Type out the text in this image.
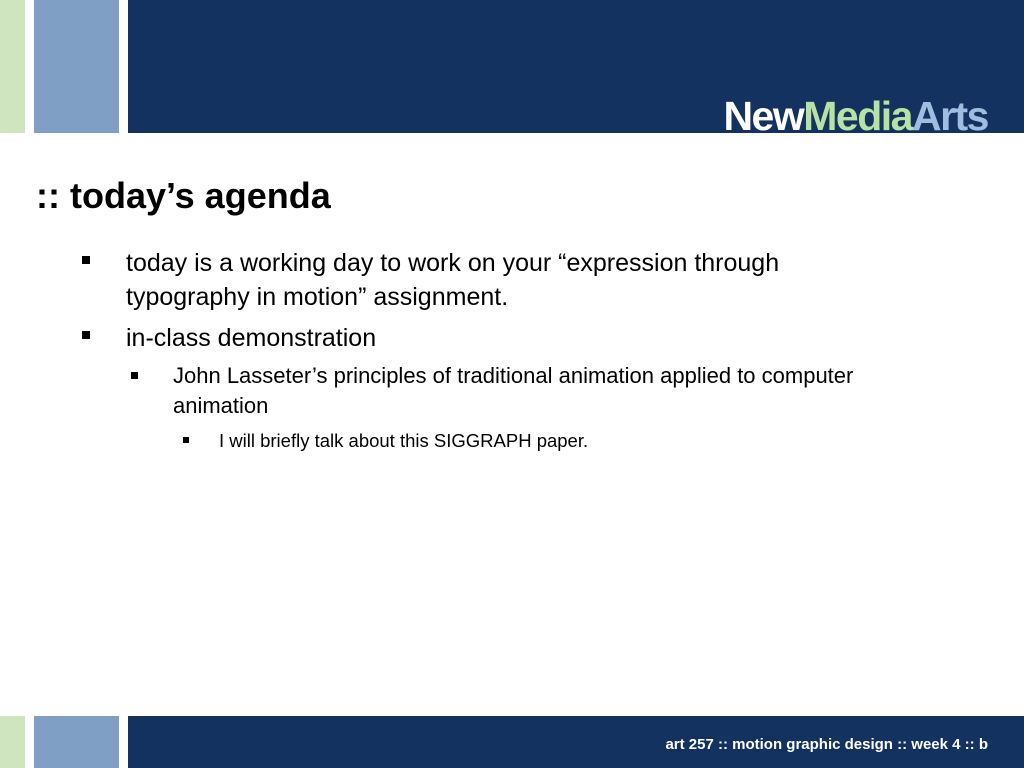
NewMediaArts
:: today’s agenda
today is a working day to work on your “expression through typography in motion” assignment.
in-class demonstration
John Lasseter’s principles of traditional animation applied to computer animation
I will briefly talk about this SIGGRAPH paper.
art 257 :: motion graphic design :: week 4 :: b
